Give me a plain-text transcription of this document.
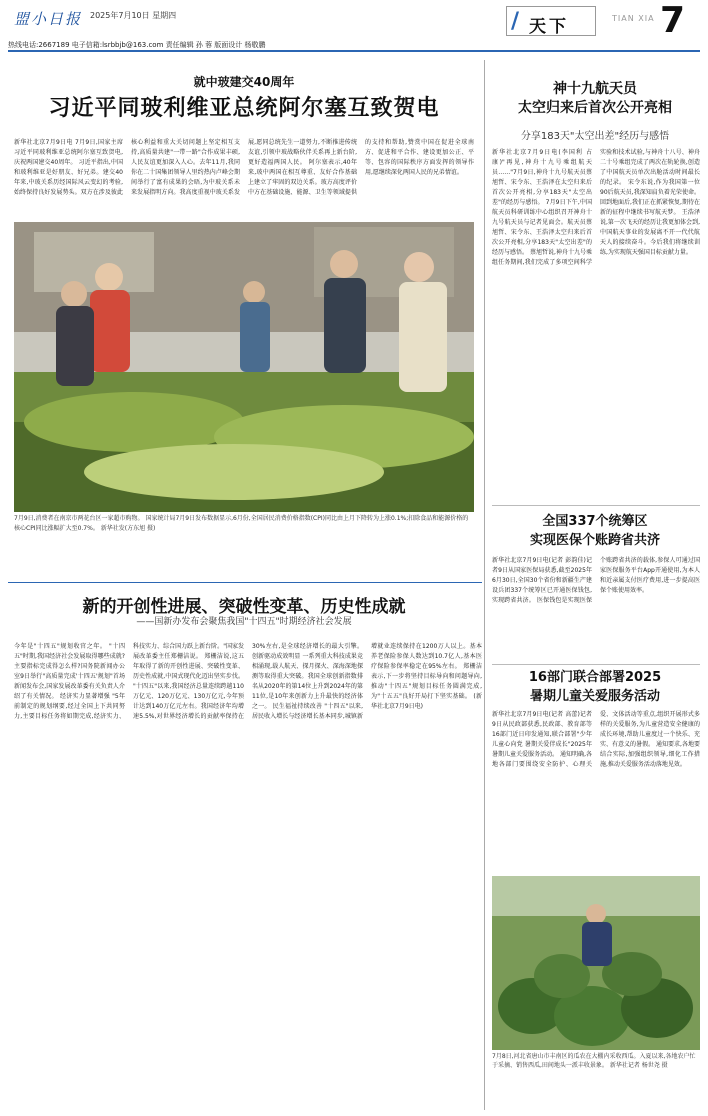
盟小日报 2025年7月10日 星期四	/ 天下	TIAN XIA 7
热线电话:2667189 电子信箱:lsrbbjb@163.com 责任编辑 孙 蓉 版面设计 杨敬鹏
就中玻建交40周年
习近平同玻利维亚总统阿尔塞互致贺电
新华社北京7月9日电 7月9日,国家主席习近平同玻利维亚总统阿尔塞互致贺电,庆祝两国建交40周年。 习近平指出,中国和玻利维亚是好朋友、好兄弟。建交40年来,中玻关系历经国际风云变幻的考验,始终保持良好发展势头。双方在涉及彼此核心利益和重大关切问题上坚定相互支持,高质量共建"一带一路"合作成果丰硕,人民友谊更加深入人心。去年11月,我同你在二十国集团领导人里约热内卢峰会期间举行了富有成果的会晤,为中玻关系未来发展指明方向。我高度重视中玻关系发展,愿同总统先生一道努力,不断推进传统友谊,引领中玻战略伙伴关系再上新台阶,更好造福两国人民。 阿尔塞表示,40年来,玻中两国在相互尊重、友好合作基础上建立了牢固的双边关系。玻方高度评价中方在基础设施、能源、卫生等领域提供的支持和帮助,赞赏中国在促进全球南方、促进和平合作、建设更加公正、平等、包容的国际秩序方面发挥的领导作用,愿继续深化两国人民的兄弟情谊。
7月9日,消费者在南京市两花台区一家超市购物。 国家统计局7月9日发布数据显示,6月份,全国居民消费价格指数(CPI)同比由上月下降转为上涨0.1%;扣除食品和能源价格的核心CPI同比涨幅扩大至0.7%。 新华社发(方东旭 摄)
神十九航天员
太空归来后首次公开亮相
分享183天"太空出差"经历与感悟
新华社北京7月9日电(李国利 占康)"再见,神舟十九号乘组航天员……"7月9日,神舟十九号航天员蔡旭哲、宋令东、王浩泽在太空归来后首次公开亮相,分享183天"太空出差"的经历与感悟。 7月9日下午,中国航天员科研训练中心组织召开神舟十九号航天员与记者见面会。航天员蔡旭哲、宋令东、王浩泽太空归来后首次公开亮相,分享183天"太空出差"的经历与感悟。 蔡旭哲说,神舟十九号乘组任务期间,我们完成了多项空间科学实验和技术试验,与神舟十八号、神舟二十号乘组完成了两次在轨轮换,创造了中国航天员单次出舱活动时间最长的纪录。 宋令东说,作为我国第一位90后航天员,我深知肩负着光荣使命。回到地面后,我们正在抓紧恢复,期待在新的征程中继续书写航天梦。 王浩泽说,第一次飞天的经历让我更加体会到,中国航天事业的发展离不开一代代航天人的接续奋斗。今后我们将继续训练,为实现航天强国目标贡献力量。
全国337个统筹区
实现医保个账跨省共济
新华社北京7月9日电(记者 彭韵佳)记者9日从国家医保局获悉,截至2025年6月30日,全国30个省份和新疆生产建设兵团337个统筹区已开通医保钱包,实现跨省共济。 医保钱包是实现医保个账跨省共济的载体,参保人可通过国家医保服务平台App开通使用,为本人和近亲属支付医疗费用,进一步提高医保个账使用效率。
16部门联合部署2025
暑期儿童关爱服务活动
新华社北京7月9日电(记者 高蕾)记者9日从民政部获悉,民政部、教育部等16部门近日印发通知,联合部署"少年儿童心向党 暑期关爱伴成长"2025年暑期儿童关爱服务活动。 通知明确,各地各部门要围绕安全防护、心理关爱、文体活动等重点,组织开展形式多样的关爱服务,为儿童营造安全健康的成长环境,帮助儿童度过一个快乐、充实、有意义的暑假。 通知要求,各地要结合实际,加强组织领导,细化工作措施,推动关爱服务活动落地见效。
7月8日,河北省唐山市丰南区的瓜农在大棚内采收西瓜。入夏以来,各地农户忙于采摘、销售西瓜,田间地头一派丰收景象。 新华社记者 杨世尧 摄
新的开创性进展、突破性变革、历史性成就
——国新办发布会聚焦我国"十四五"时期经济社会发展
今年是"十四五"规划收官之年。 "十四五"时期,我国经济社会发展取得哪些成就?主要指标完成得怎么样?国务院新闻办公室9日举行"高质量完成'十四五'规划"首场新闻发布会,国家发展改革委有关负责人介绍了有关情况。 经济实力显著增强 "5年前制定的规划纲要,经过全国上下共同努力,主要目标任务将如期完成,经济实力、科技实力、综合国力跃上新台阶。"国家发展改革委主任郑栅洁说。 郑栅洁说,这五年取得了新的开创性进展、突破性变革、历史性成就,中国式现代化迈出坚实步伐。 "十四五"以来,我国经济总量连续跨越110万亿元、120万亿元、130万亿元,今年预计达到140万亿元左右。我国经济年均增速5.5%,对世界经济增长的贡献率保持在30%左右,是全球经济增长的最大引擎。 创新驱动成效明显 一系列重大科技成果竞相涌现,载人航天、探月探火、深海深地探测等取得重大突破。我国全球创新指数排名从2020年的第14位上升到2024年的第11位,是10年来创新力上升最快的经济体之一。 民生福祉持续改善 "十四五"以来,居民收入增长与经济增长基本同步,城镇新增就业连续保持在1200万人以上。基本养老保险参保人数达到10.7亿人,基本医疗保险参保率稳定在95%左右。 郑栅洁表示,下一步将坚持目标导向和问题导向,推动"十四五"规划目标任务圆满完成,为"十五五"良好开局打下坚实基础。 (新华社北京7月9日电)
